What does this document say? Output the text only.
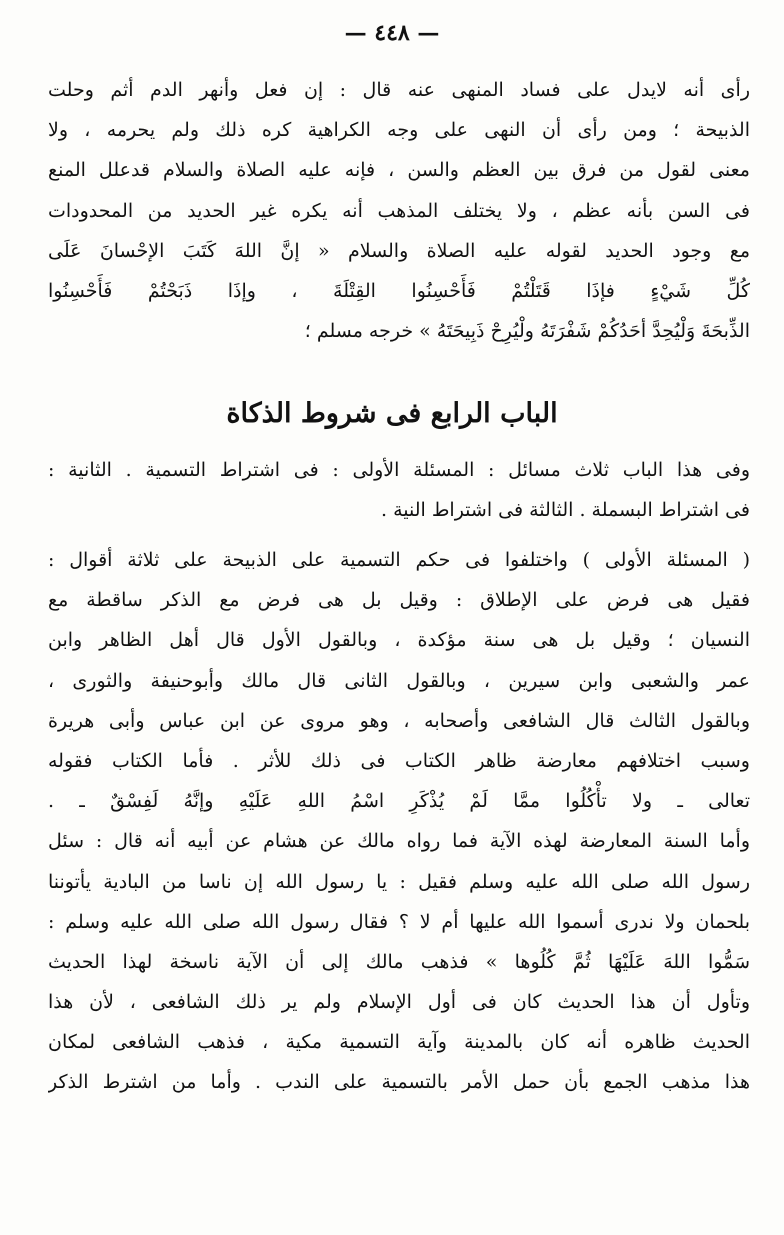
— ٤٤٨ —
رأى أنه لايدل على فساد المنهى عنه قال : إن فعل وأنهر الدم أثم وحلت
الذبيحة ؛ ومن رأى أن النهى على وجه الكراهية كره ذلك ولم يحرمه ، ولا
معنى لقول من فرق بين العظم والسن ، فإنه عليه الصلاة والسلام قدعلل المنع
فى السن بأنه عظم ، ولا يختلف المذهب أنه يكره غير الحديد من المحدودات
مع وجود الحديد لقوله عليه الصلاة والسلام « إنَّ اللهَ كَتَبَ الإحْسانَ عَلَى
كُلِّ شَيْءٍ فإذَا قَتَلْتُمْ فَأَحْسِنُوا القِتْلَةَ ، وإذَا ذَبَحْتُمْ فَأَحْسِنُوا
الذِّبحَةَ وَلْيُحِدَّ أحَدُكُمْ شَفْرَتَهُ ولْيُرِحْ ذَبِيحَتَهُ » خرجه مسلم ؛
الباب الرابع فى شروط الذكاة
وفى هذا الباب ثلاث مسائل : المسئلة الأولى : فى اشتراط التسمية . الثانية :
فى اشتراط البسملة . الثالثة فى اشتراط النية .
( المسئلة الأولى ) واختلفوا فى حكم التسمية على الذبيحة على ثلاثة أقوال :
فقيل هى فرض على الإطلاق : وقيل بل هى فرض مع الذكر ساقطة مع
النسيان ؛ وقيل بل هى سنة مؤكدة ، وبالقول الأول قال أهل الظاهر وابن
عمر والشعبى وابن سيرين ، وبالقول الثانى قال مالك وأبوحنيفة والثورى ،
وبالقول الثالث قال الشافعى وأصحابه ، وهو مروى عن ابن عباس وأبى هريرة
وسبب اختلافهم معارضة ظاهر الكتاب فى ذلك للأثر . فأما الكتاب فقوله
تعالى ـ ولا تأْكُلُوا ممَّا لَمْ يُذْكَرِ اسْمُ اللهِ عَلَيْهِ وإنَّهُ لَفِسْقٌ ـ .
وأما السنة المعارضة لهذه الآية فما رواه مالك عن هشام عن أبيه أنه قال : سئل
رسول الله صلى الله عليه وسلم فقيل : يا رسول الله إن ناسا من البادية يأتوننا
بلحمان ولا ندرى أسموا الله عليها أم لا ؟ فقال رسول الله صلى الله عليه وسلم :
سَمُّوا اللهَ عَلَيْهَا ثُمَّ كُلُوها » فذهب مالك إلى أن الآية ناسخة لهذا الحديث
وتأول أن هذا الحديث كان فى أول الإسلام ولم ير ذلك الشافعى ، لأن هذا
الحديث ظاهره أنه كان بالمدينة وآية التسمية مكية ، فذهب الشافعى لمكان
هذا مذهب الجمع بأن حمل الأمر بالتسمية على الندب . وأما من اشترط الذكر
